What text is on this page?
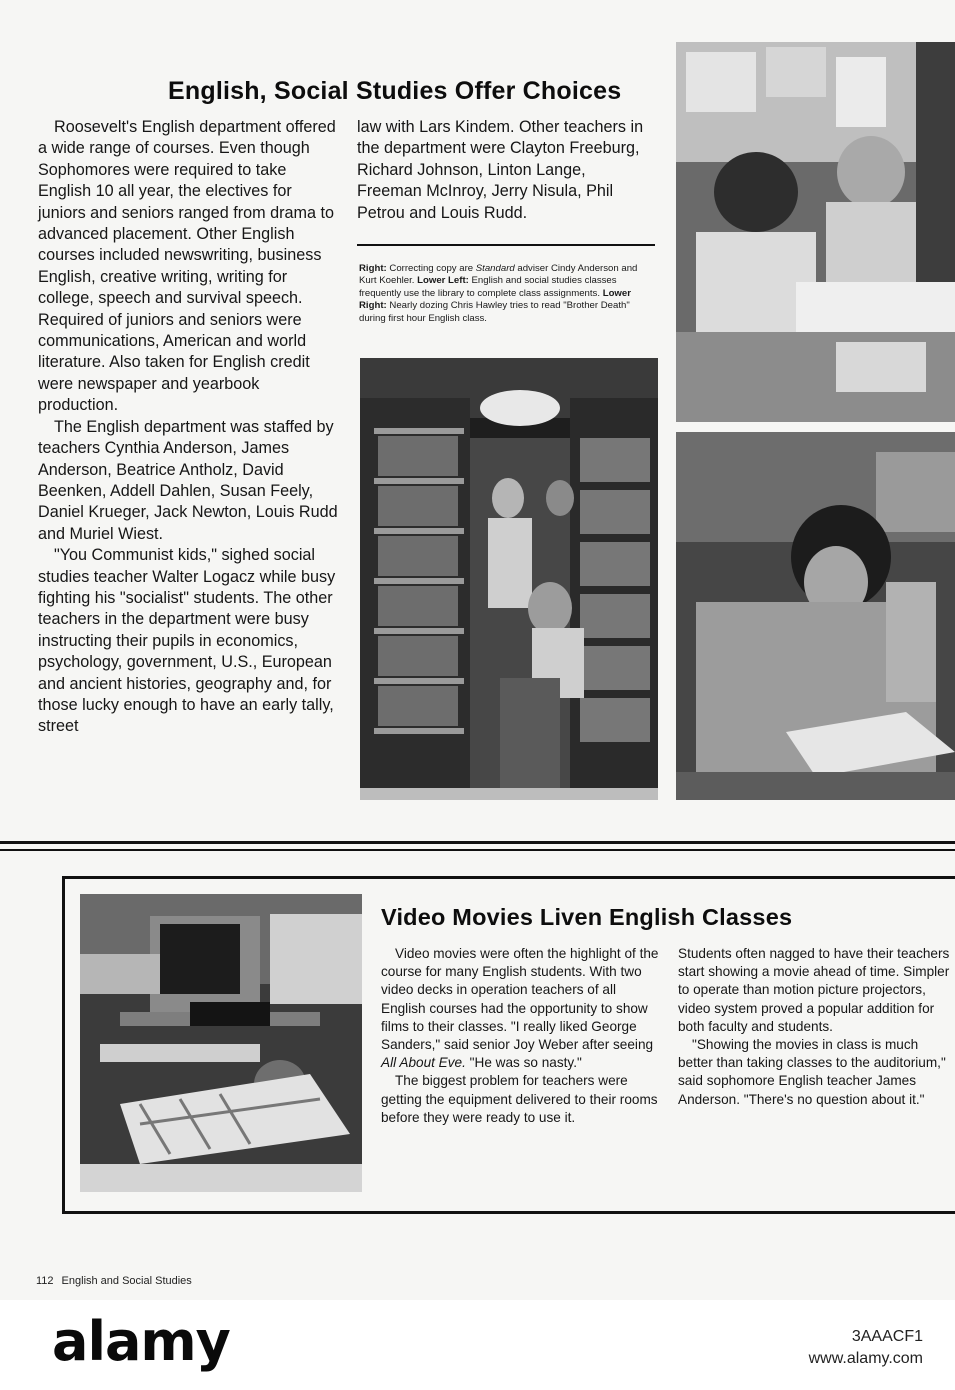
English, Social Studies Offer Choices

Roosevelt's English department offered a wide range of courses. Even though Sophomores were required to take English 10 all year, the electives for juniors and seniors ranged from drama to advanced placement. Other English courses included newswriting, business English, creative writing, writing for college, speech and survival speech. Required of juniors and seniors were communications, American and world literature. Also taken for English credit were newspaper and yearbook production.

The English department was staffed by teachers Cynthia Anderson, James Anderson, Beatrice Antholz, David Beenken, Addell Dahlen, Susan Feely, Daniel Krueger, Jack Newton, Louis Rudd and Muriel Wiest.

"You Communist kids," sighed social studies teacher Walter Logacz while busy fighting his "socialist" students. The other teachers in the department were busy instructing their pupils in economics, psychology, government, U.S., European and ancient histories, geography and, for those lucky enough to have an early tally, street

law with Lars Kindem. Other teachers in the department were Clayton Freeburg, Richard Johnson, Linton Lange, Freeman McInroy, Jerry Nisula, Phil Petrou and Louis Rudd.

Right: Correcting copy are Standard adviser Cindy Anderson and Kurt Koehler. Lower Left: English and social studies classes frequently use the library to complete class assignments. Lower Right: Nearly dozing Chris Hawley tries to read "Brother Death" during first hour English class.
Video Movies Liven English Classes

Video movies were often the highlight of the course for many English students. With two video decks in operation teachers of all English courses had the opportunity to show films to their classes. "I really liked George Sanders," said senior Joy Weber after seeing All About Eve. "He was so nasty."

The biggest problem for teachers were getting the equipment delivered to their rooms before they were ready to use it.

Students often nagged to have their teachers start showing a movie ahead of time. Simpler to operate than motion picture projectors, video system proved a popular addition for both faculty and students.

"Showing the movies in class is much better than taking classes to the auditorium," said sophomore English teacher James Anderson. "There's no question about it."

112 English and Social Studies
alamy	3AAACF1
www.alamy.com
